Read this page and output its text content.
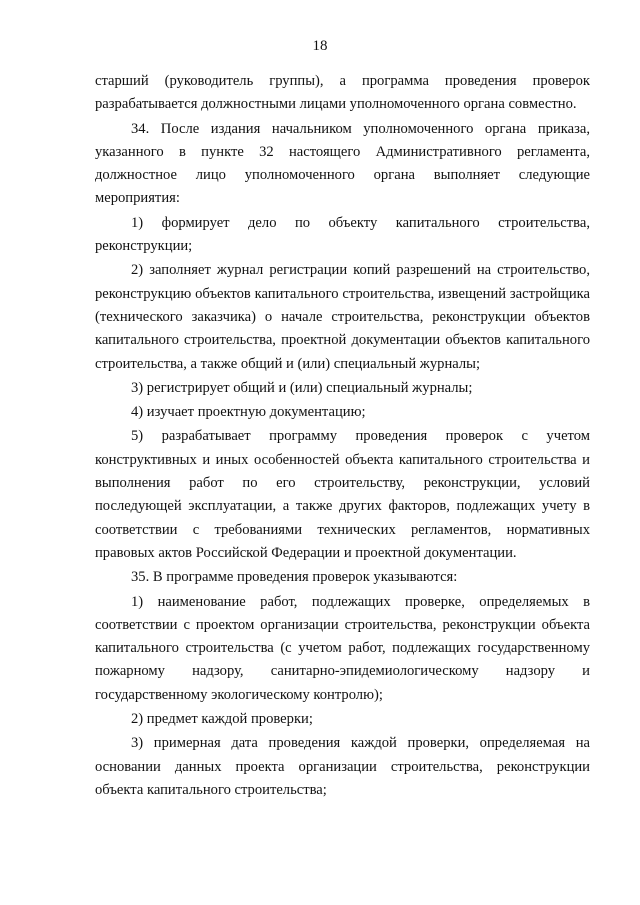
18

старший (руководитель группы), а программа проведения проверок разрабатывается должностными лицами уполномоченного органа совместно.

34. После издания начальником уполномоченного органа приказа, указанного в пункте 32 настоящего Административного регламента, должностное лицо уполномоченного органа выполняет следующие мероприятия:

1) формирует дело по объекту капитального строительства, реконструкции;

2) заполняет журнал регистрации копий разрешений на строительство, реконструкцию объектов капитального строительства, извещений застройщика (технического заказчика) о начале строительства, реконструкции объектов капитального строительства, проектной документации объектов капитального строительства, а также общий и (или) специальный журналы;

3) регистрирует общий и (или) специальный журналы;

4) изучает проектную документацию;

5) разрабатывает программу проведения проверок с учетом конструктивных и иных особенностей объекта капитального строительства и выполнения работ по его строительству, реконструкции, условий последующей эксплуатации, а также других факторов, подлежащих учету в соответствии с требованиями технических регламентов, нормативных правовых актов Российской Федерации и проектной документации.

35. В программе проведения проверок указываются:

1) наименование работ, подлежащих проверке, определяемых в соответствии с проектом организации строительства, реконструкции объекта капитального строительства (с учетом работ, подлежащих государственному пожарному надзору, санитарно-эпидемиологическому надзору и государственному экологическому контролю);

2) предмет каждой проверки;

3) примерная дата проведения каждой проверки, определяемая на основании данных проекта организации строительства, реконструкции объекта капитального строительства;
